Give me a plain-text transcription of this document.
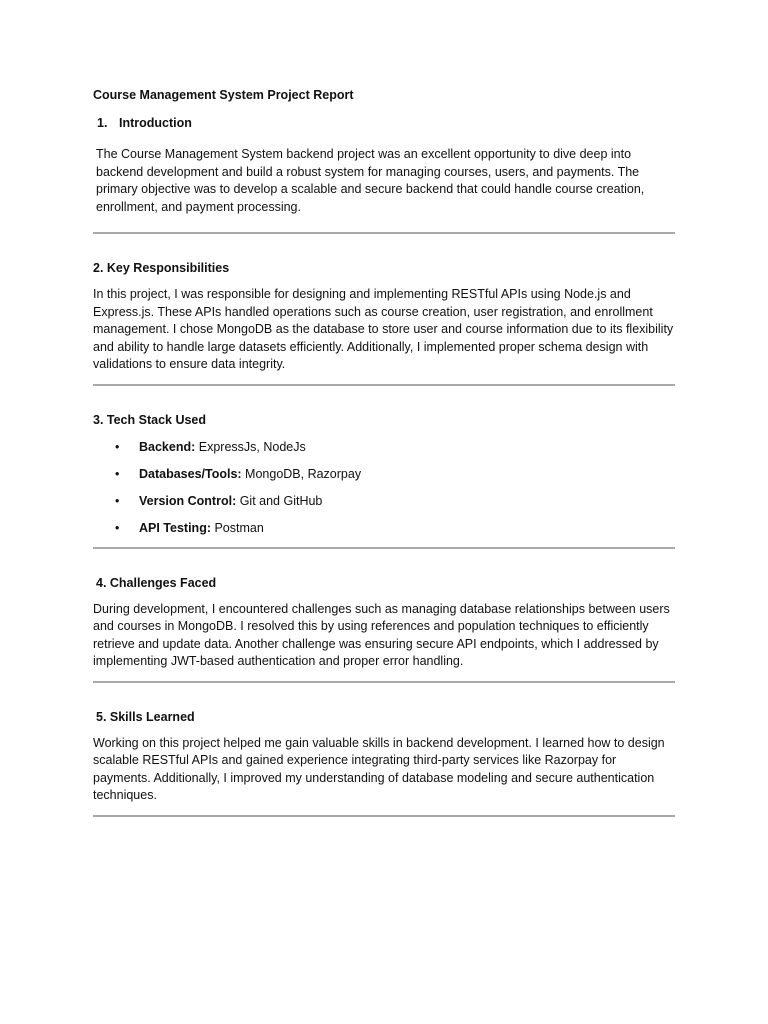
Course Management System Project Report
1. Introduction

The Course Management System backend project was an excellent opportunity to dive deep into backend development and build a robust system for managing courses, users, and payments. The primary objective was to develop a scalable and secure backend that could handle course creation, enrollment, and payment processing.

2. Key Responsibilities

In this project, I was responsible for designing and implementing RESTful APIs using Node.js and Express.js. These APIs handled operations such as course creation, user registration, and enrollment management. I chose MongoDB as the database to store user and course information due to its flexibility and ability to handle large datasets efficiently. Additionally, I implemented proper schema design with validations to ensure data integrity.

3. Tech Stack Used
• Backend: ExpressJs, NodeJs
• Databases/Tools: MongoDB, Razorpay
• Version Control: Git and GitHub
• API Testing: Postman
4. Challenges Faced

During development, I encountered challenges such as managing database relationships between users and courses in MongoDB. I resolved this by using references and population techniques to efficiently retrieve and update data. Another challenge was ensuring secure API endpoints, which I addressed by implementing JWT-based authentication and proper error handling.

5. Skills Learned

Working on this project helped me gain valuable skills in backend development. I learned how to design scalable RESTful APIs and gained experience integrating third-party services like Razorpay for payments. Additionally, I improved my understanding of database modeling and secure authentication techniques.
